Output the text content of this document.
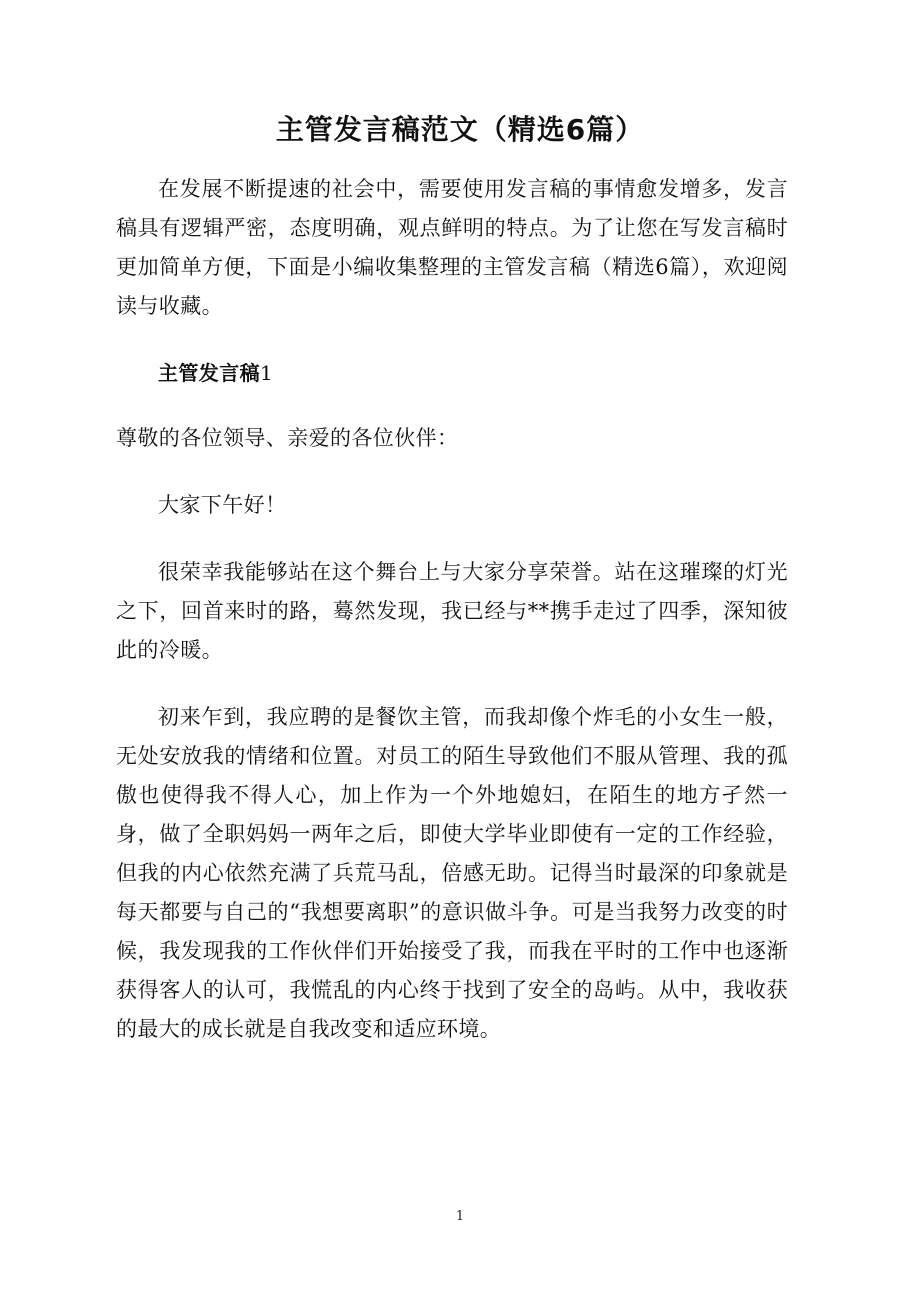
主管发言稿范文（精选6篇）

在发展不断提速的社会中，需要使用发言稿的事情愈发增多，发言稿具有逻辑严密，态度明确，观点鲜明的特点。为了让您在写发言稿时更加简单方便，下面是小编收集整理的主管发言稿（精选6篇），欢迎阅读与收藏。

主管发言稿1

尊敬的各位领导、亲爱的各位伙伴：

大家下午好！

很荣幸我能够站在这个舞台上与大家分享荣誉。站在这璀璨的灯光之下，回首来时的路，蓦然发现，我已经与**携手走过了四季，深知彼此的冷暖。

初来乍到，我应聘的是餐饮主管，而我却像个炸毛的小女生一般，无处安放我的情绪和位置。对员工的陌生导致他们不服从管理、我的孤傲也使得我不得人心，加上作为一个外地媳妇，在陌生的地方孑然一身，做了全职妈妈一两年之后，即使大学毕业即使有一定的工作经验，但我的内心依然充满了兵荒马乱，倍感无助。记得当时最深的印象就是每天都要与自己的“我想要离职”的意识做斗争。可是当我努力改变的时候，我发现我的工作伙伴们开始接受了我，而我在平时的工作中也逐渐获得客人的认可，我慌乱的内心终于找到了安全的岛屿。从中，我收获的最大的成长就是自我改变和适应环境。

1
